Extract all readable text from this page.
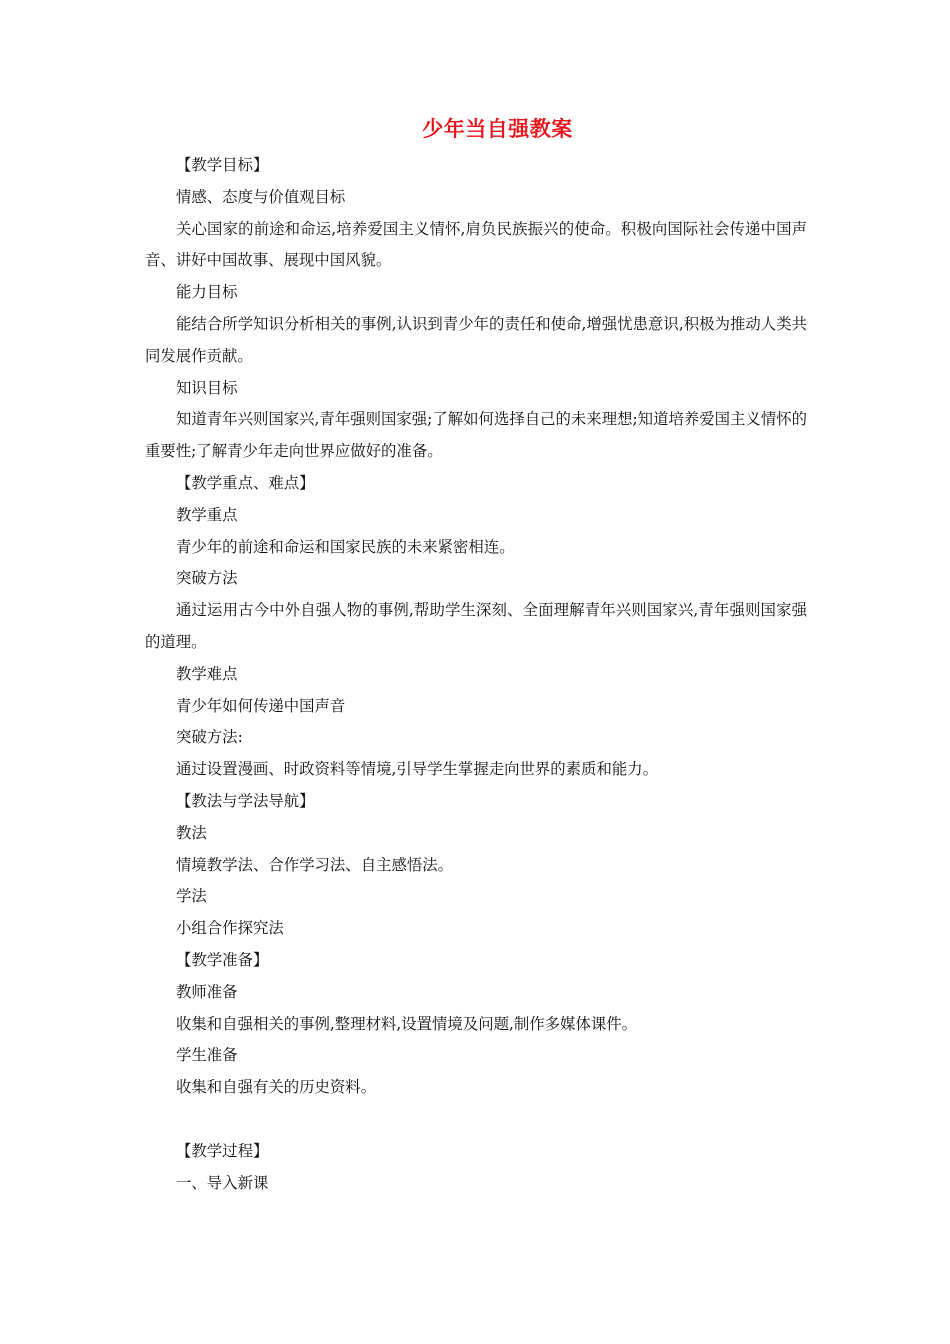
少年当自强教案

【教学目标】

情感、态度与价值观目标

关心国家的前途和命运,培养爱国主义情怀,肩负民族振兴的使命。积极向国际社会传递中国声音、讲好中国故事、展现中国风貌。

能力目标

能结合所学知识分析相关的事例,认识到青少年的责任和使命,增强忧患意识,积极为推动人类共同发展作贡献。

知识目标

知道青年兴则国家兴,青年强则国家强;了解如何选择自己的未来理想;知道培养爱国主义情怀的重要性;了解青少年走向世界应做好的准备。

【教学重点、难点】

教学重点

青少年的前途和命运和国家民族的未来紧密相连。

突破方法

通过运用古今中外自强人物的事例,帮助学生深刻、全面理解青年兴则国家兴,青年强则国家强的道理。

教学难点

青少年如何传递中国声音

突破方法:

通过设置漫画、时政资料等情境,引导学生掌握走向世界的素质和能力。

【教法与学法导航】

教法

情境教学法、合作学习法、自主感悟法。

学法

小组合作探究法

【教学准备】

教师准备

收集和自强相关的事例,整理材料,设置情境及问题,制作多媒体课件。

学生准备

收集和自强有关的历史资料。

【教学过程】

一、导入新课
